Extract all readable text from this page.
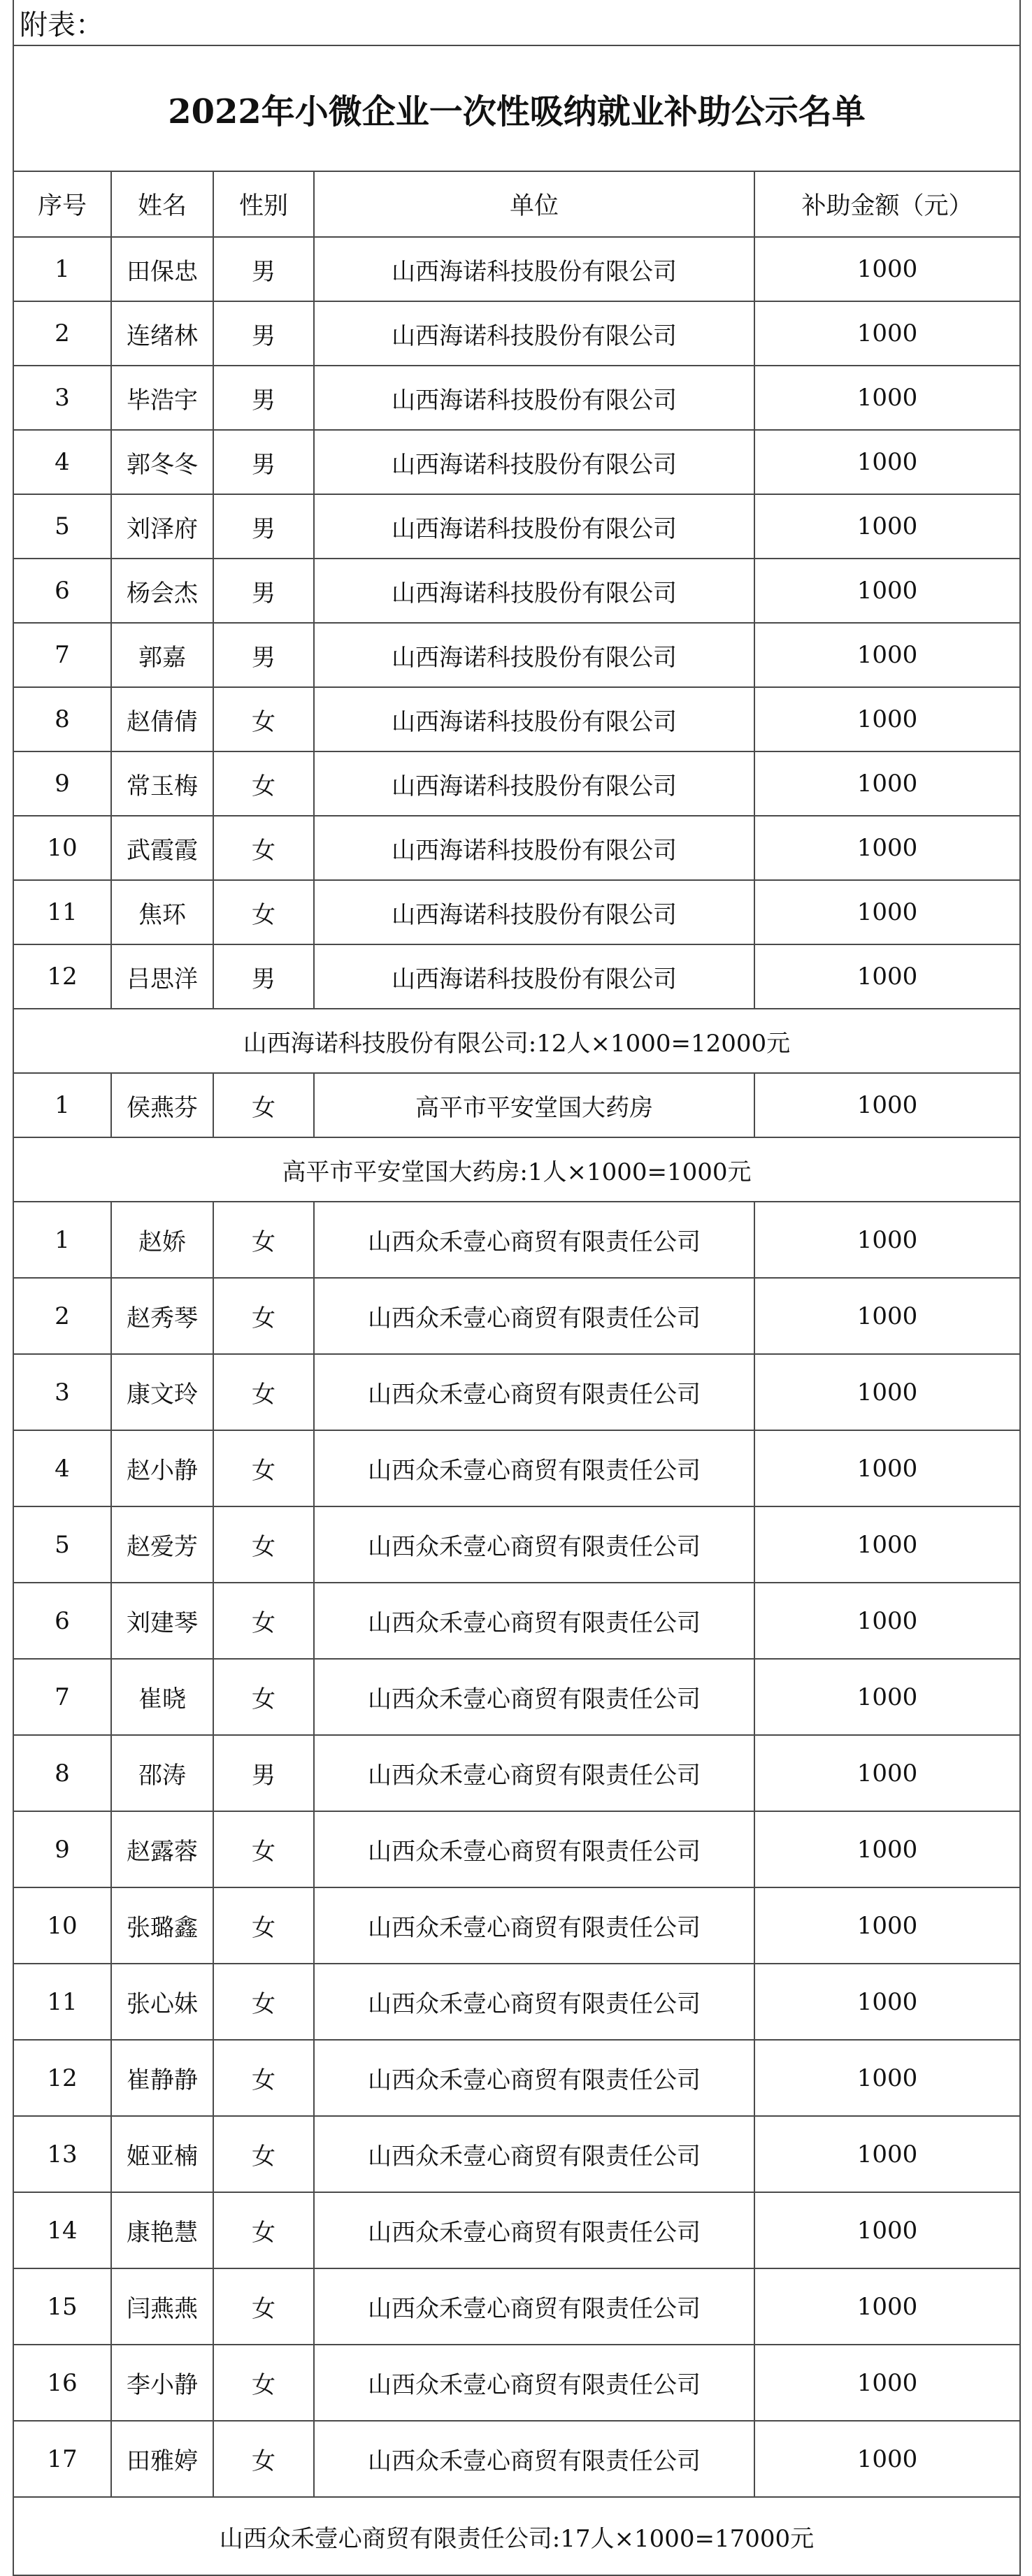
附表：				
2022年小微企业一次性吸纳就业补助公示名单				
序号	姓名	性别	单位	补助金额（元）
1	田保忠	男	山西海诺科技股份有限公司	1000
2	连绪林	男	山西海诺科技股份有限公司	1000
3	毕浩宇	男	山西海诺科技股份有限公司	1000
4	郭冬冬	男	山西海诺科技股份有限公司	1000
5	刘泽府	男	山西海诺科技股份有限公司	1000
6	杨会杰	男	山西海诺科技股份有限公司	1000
7	郭嘉	男	山西海诺科技股份有限公司	1000
8	赵倩倩	女	山西海诺科技股份有限公司	1000
9	常玉梅	女	山西海诺科技股份有限公司	1000
10	武霞霞	女	山西海诺科技股份有限公司	1000
11	焦环	女	山西海诺科技股份有限公司	1000
12	吕思洋	男	山西海诺科技股份有限公司	1000
山西海诺科技股份有限公司:12人×1000=12000元				
1	侯燕芬	女	高平市平安堂国大药房	1000
高平市平安堂国大药房:1人×1000=1000元				
1	赵娇	女	山西众禾壹心商贸有限责任公司	1000
2	赵秀琴	女	山西众禾壹心商贸有限责任公司	1000
3	康文玲	女	山西众禾壹心商贸有限责任公司	1000
4	赵小静	女	山西众禾壹心商贸有限责任公司	1000
5	赵爱芳	女	山西众禾壹心商贸有限责任公司	1000
6	刘建琴	女	山西众禾壹心商贸有限责任公司	1000
7	崔晓	女	山西众禾壹心商贸有限责任公司	1000
8	邵涛	男	山西众禾壹心商贸有限责任公司	1000
9	赵露蓉	女	山西众禾壹心商贸有限责任公司	1000
10	张璐鑫	女	山西众禾壹心商贸有限责任公司	1000
11	张心妹	女	山西众禾壹心商贸有限责任公司	1000
12	崔静静	女	山西众禾壹心商贸有限责任公司	1000
13	姬亚楠	女	山西众禾壹心商贸有限责任公司	1000
14	康艳慧	女	山西众禾壹心商贸有限责任公司	1000
15	闫燕燕	女	山西众禾壹心商贸有限责任公司	1000
16	李小静	女	山西众禾壹心商贸有限责任公司	1000
17	田雅婷	女	山西众禾壹心商贸有限责任公司	1000
山西众禾壹心商贸有限责任公司:17人×1000=17000元				
